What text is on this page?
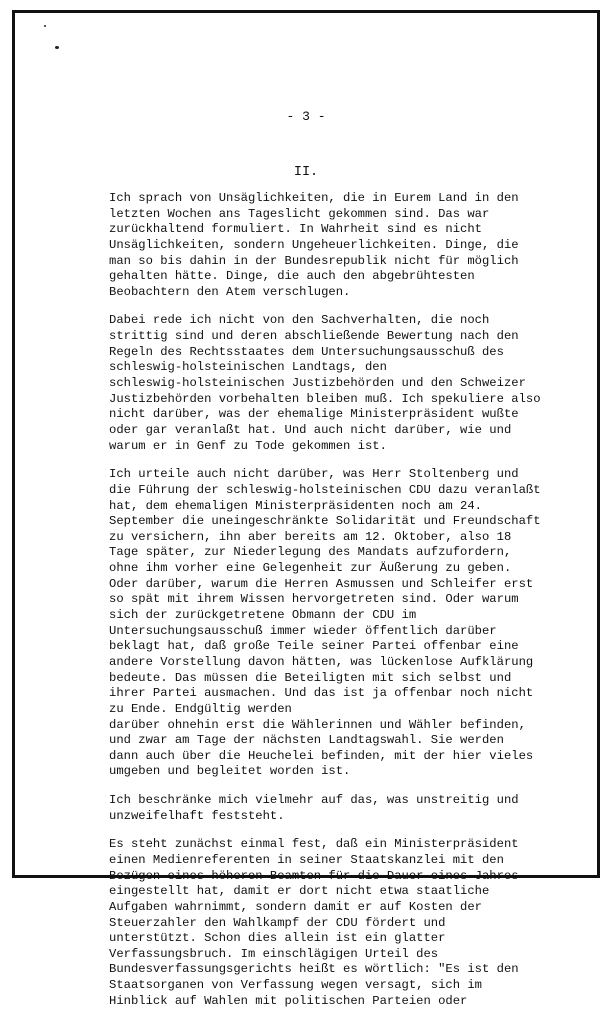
- 3 -
II.
Ich sprach von Unsäglichkeiten, die in Eurem Land in den
letzten Wochen ans Tageslicht gekommen sind. Das war
zurückhaltend formuliert. In Wahrheit sind es nicht
Unsäglichkeiten, sondern Ungeheuerlichkeiten. Dinge, die
man so bis dahin in der Bundesrepublik nicht für möglich
gehalten hätte. Dinge, die auch den abgebrühtesten
Beobachtern den Atem verschlugen.
Dabei rede ich nicht von den Sachverhalten, die noch
strittig sind und deren abschließende Bewertung nach den
Regeln des Rechtsstaates dem Untersuchungsausschuß des
schleswig-holsteinischen Landtags, den
schleswig-holsteinischen Justizbehörden und den Schweizer
Justizbehörden vorbehalten bleiben muß. Ich spekuliere also
nicht darüber, was der ehemalige Ministerpräsident wußte
oder gar veranlaßt hat. Und auch nicht darüber, wie und
warum er in Genf zu Tode gekommen ist.
Ich urteile auch nicht darüber, was Herr Stoltenberg und
die Führung der schleswig-holsteinischen CDU dazu veranlaßt
hat, dem ehemaligen Ministerpräsidenten noch am 24.
September die uneingeschränkte Solidarität und Freundschaft
zu versichern, ihn aber bereits am 12. Oktober, also 18
Tage später, zur Niederlegung des Mandats aufzufordern,
ohne ihm vorher eine Gelegenheit zur Äußerung zu geben.
Oder darüber, warum die Herren Asmussen und Schleifer erst
so spät mit ihrem Wissen hervorgetreten sind. Oder warum
sich der zurückgetretene Obmann der CDU im
Untersuchungsausschuß immer wieder öffentlich darüber
beklagt hat, daß große Teile seiner Partei offenbar eine
andere Vorstellung davon hätten, was lückenlose Aufklärung
bedeute. Das müssen die Beteiligten mit sich selbst und
ihrer Partei ausmachen. Und das ist ja offenbar noch nicht
zu Ende. Endgültig werden
darüber ohnehin erst die Wählerinnen und Wähler befinden,
und zwar am Tage der nächsten Landtagswahl. Sie werden
dann auch über die Heuchelei befinden, mit der hier vieles
umgeben und begleitet worden ist.
Ich beschränke mich vielmehr auf das, was unstreitig und
unzweifelhaft feststeht.
Es steht zunächst einmal fest, daß ein Ministerpräsident
einen Medienreferenten in seiner Staatskanzlei mit den
Bezügen eines höheren Beamten für die Dauer eines Jahres
eingestellt hat, damit er dort nicht etwa staatliche
Aufgaben wahrnimmt, sondern damit er auf Kosten der
Steuerzahler den Wahlkampf der CDU fördert und
unterstützt. Schon dies allein ist ein glatter
Verfassungsbruch. Im einschlägigen Urteil des
Bundesverfassungsgerichts heißt es wörtlich: "Es ist den
Staatsorganen von Verfassung wegen versagt, sich im
Hinblick auf Wahlen mit politischen Parteien oder
